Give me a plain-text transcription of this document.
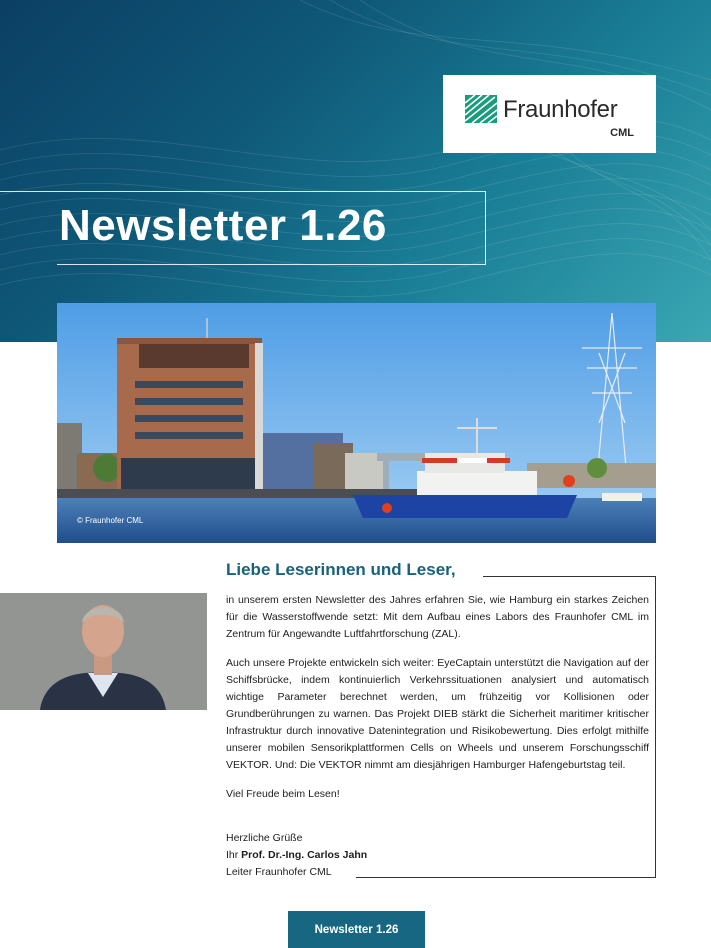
Fraunhofer
CML
Newsletter 1.26
© Fraunhofer CML
Liebe Leserinnen und Leser,

in unserem ersten Newsletter des Jahres erfahren Sie, wie Hamburg ein starkes Zeichen für die Wasserstoffwende setzt: Mit dem Aufbau eines Labors des Fraunhofer CML im Zentrum für Angewandte Luftfahrtforschung (ZAL).

Auch unsere Projekte entwickeln sich weiter: EyeCaptain unterstützt die Navigation auf der Schiffsbrücke, indem kontinuierlich Verkehrssituationen analysiert und automatisch wichtige Parameter berechnet werden, um frühzeitig vor Kollisionen oder Grundberührungen zu warnen. Das Projekt DIEB stärkt die Sicherheit maritimer kritischer Infrastruktur durch innovative Datenintegration und Risikobewertung. Dies erfolgt mithilfe unserer mobilen Sensorikplattformen Cells on Wheels und unserem Forschungsschiff VEKTOR. Und: Die VEKTOR nimmt am diesjährigen Hamburger Hafengeburtstag teil.

Viel Freude beim Lesen!

Herzliche Grüße
Ihr Prof. Dr.-Ing. Carlos Jahn
Leiter Fraunhofer CML
Newsletter 1.26
